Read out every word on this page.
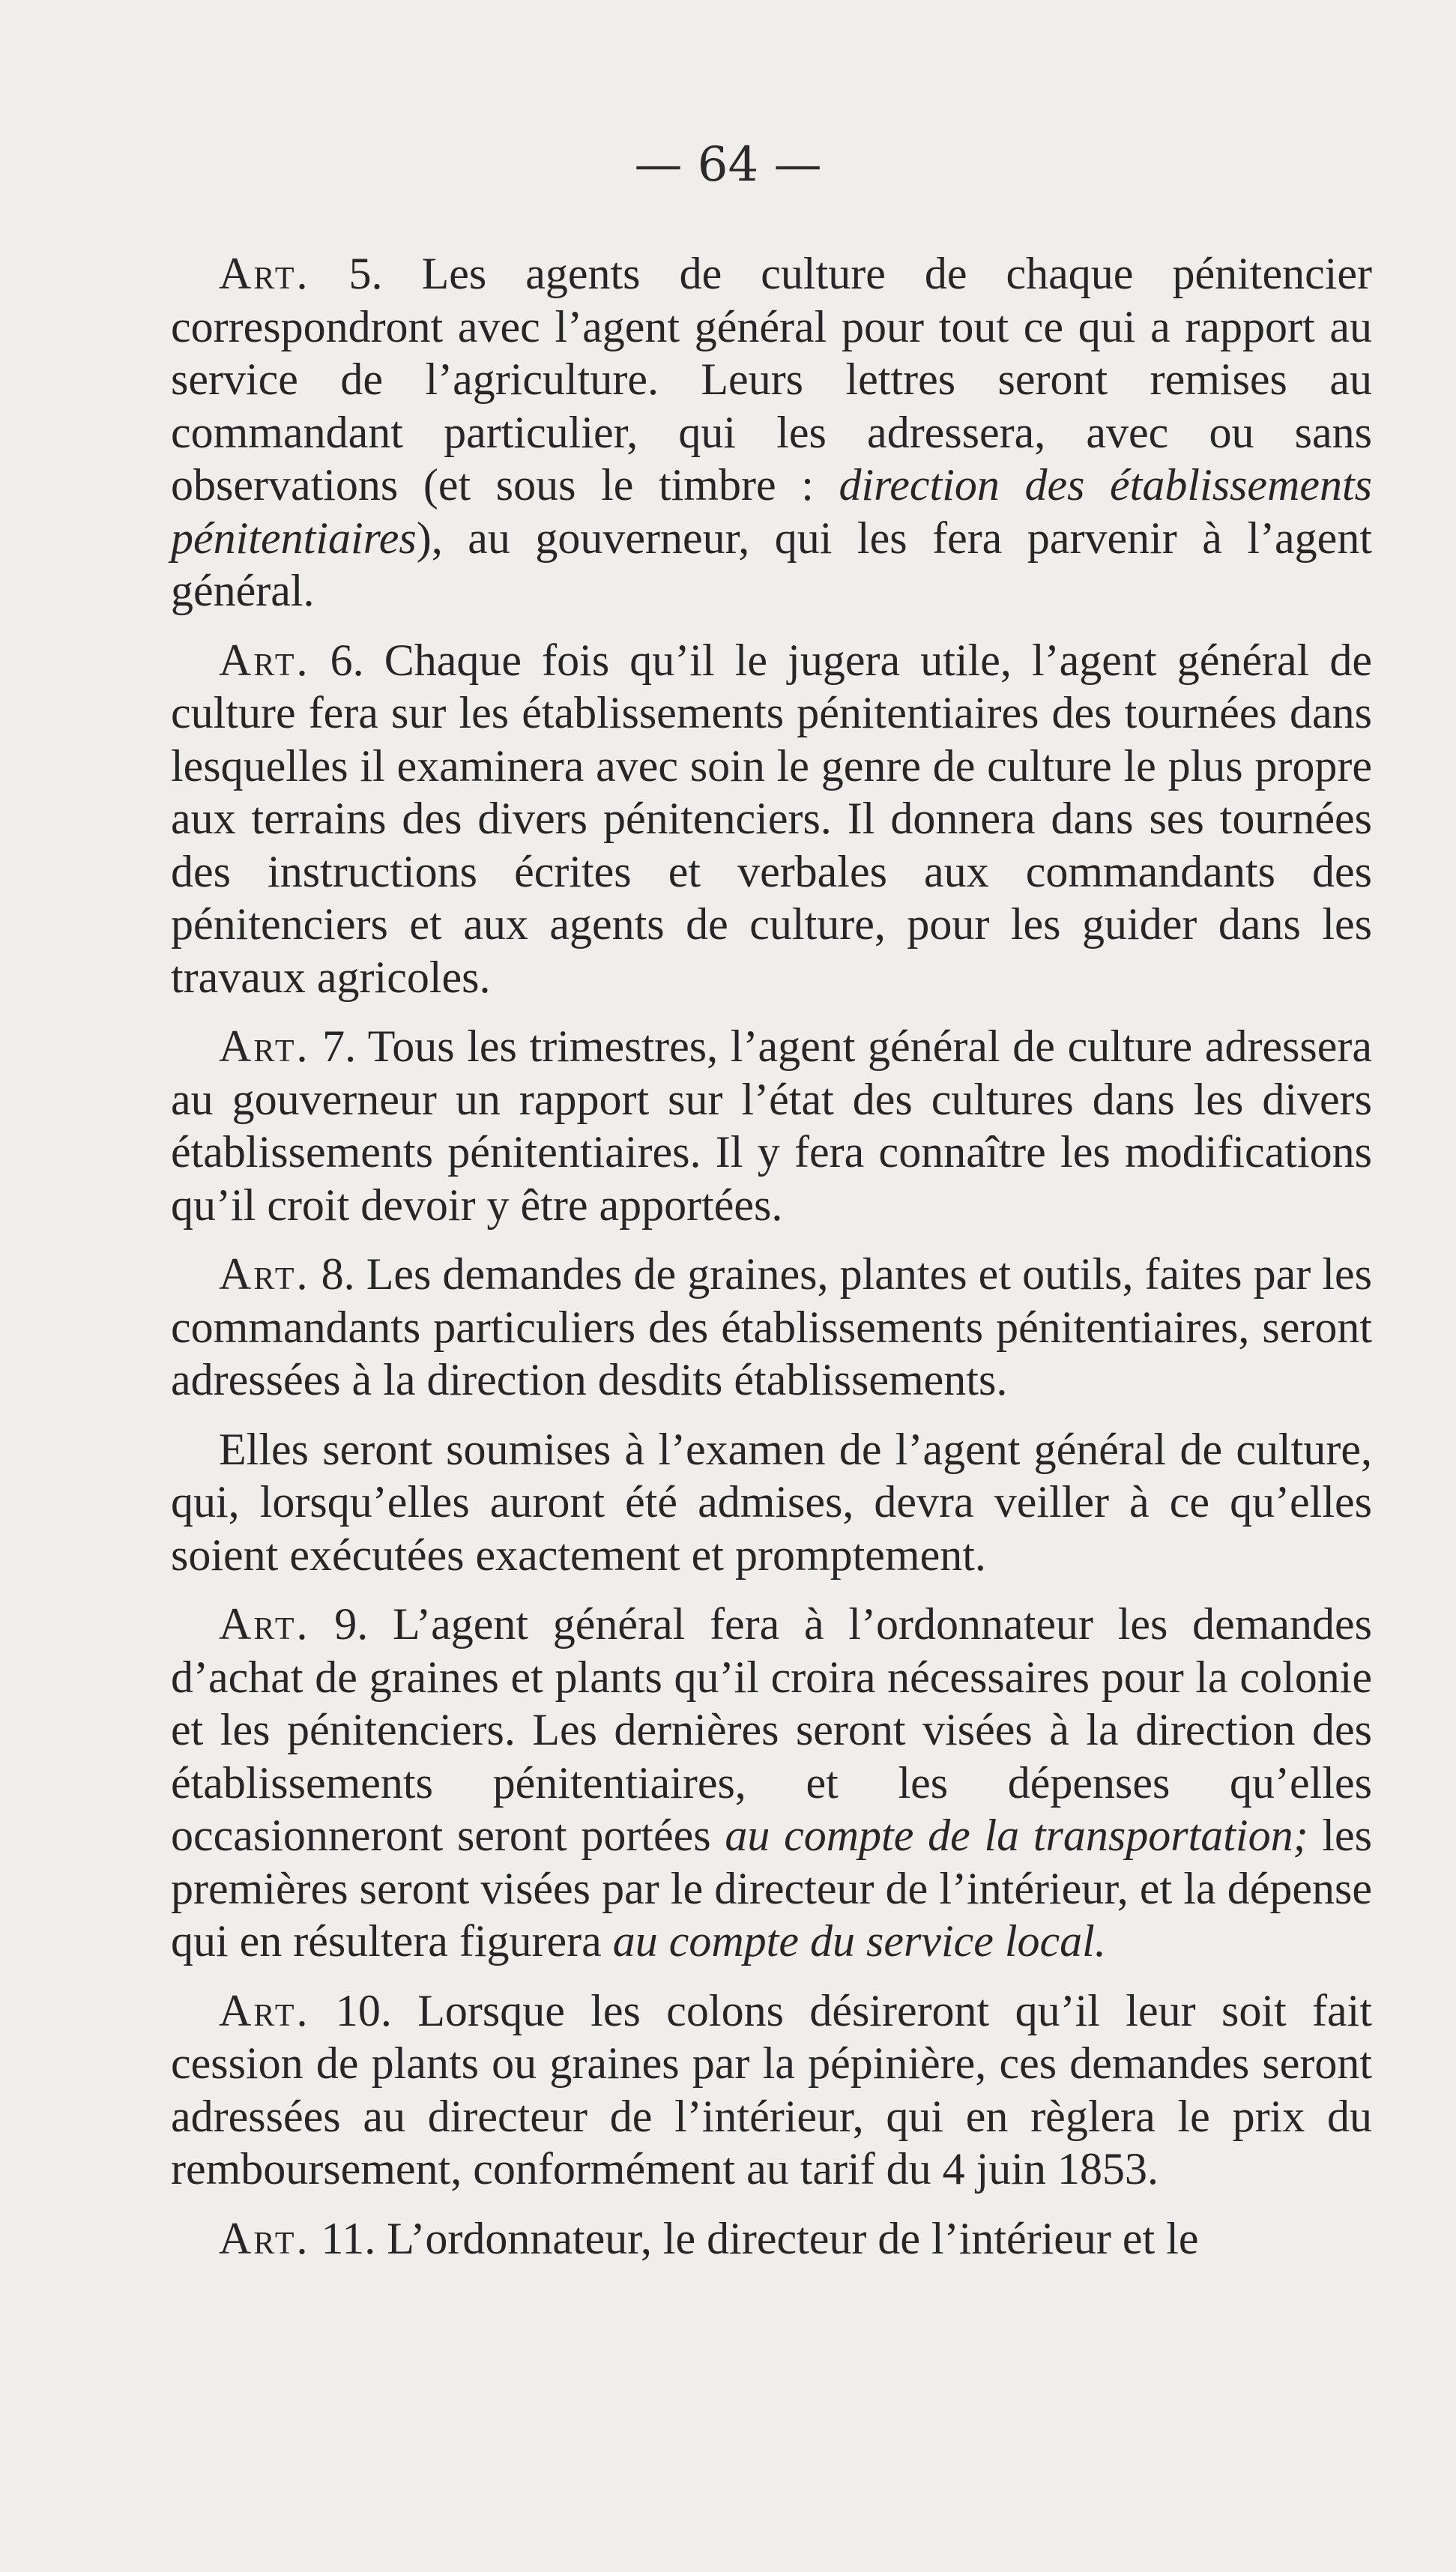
— 64 —

Art. 5. Les agents de culture de chaque pénitencier correspondront avec l’agent général pour tout ce qui a rapport au service de l’agriculture. Leurs lettres seront remises au commandant particulier, qui les adressera, avec ou sans observations (et sous le timbre : direction des établissements pénitentiaires), au gouverneur, qui les fera parvenir à l’agent général.

Art. 6. Chaque fois qu’il le jugera utile, l’agent général de culture fera sur les établissements pénitentiaires des tournées dans lesquelles il examinera avec soin le genre de culture le plus propre aux terrains des divers pénitenciers. Il donnera dans ses tournées des instructions écrites et verbales aux commandants des pénitenciers et aux agents de culture, pour les guider dans les travaux agricoles.

Art. 7. Tous les trimestres, l’agent général de culture adressera au gouverneur un rapport sur l’état des cultures dans les divers établissements pénitentiaires. Il y fera connaître les modifications qu’il croit devoir y être apportées.

Art. 8. Les demandes de graines, plantes et outils, faites par les commandants particuliers des établissements pénitentiaires, seront adressées à la direction desdits établissements.

Elles seront soumises à l’examen de l’agent général de culture, qui, lorsqu’elles auront été admises, devra veiller à ce qu’elles soient exécutées exactement et promptement.

Art. 9. L’agent général fera à l’ordonnateur les demandes d’achat de graines et plants qu’il croira nécessaires pour la colonie et les pénitenciers. Les dernières seront visées à la direction des établissements pénitentiaires, et les dépenses qu’elles occasionneront seront portées au compte de la transportation; les premières seront visées par le directeur de l’intérieur, et la dépense qui en résultera figurera au compte du service local.

Art. 10. Lorsque les colons désireront qu’il leur soit fait cession de plants ou graines par la pépinière, ces demandes seront adressées au directeur de l’intérieur, qui en règlera le prix du remboursement, conformément au tarif du 4 juin 1853.

Art. 11. L’ordonnateur, le directeur de l’intérieur et le
